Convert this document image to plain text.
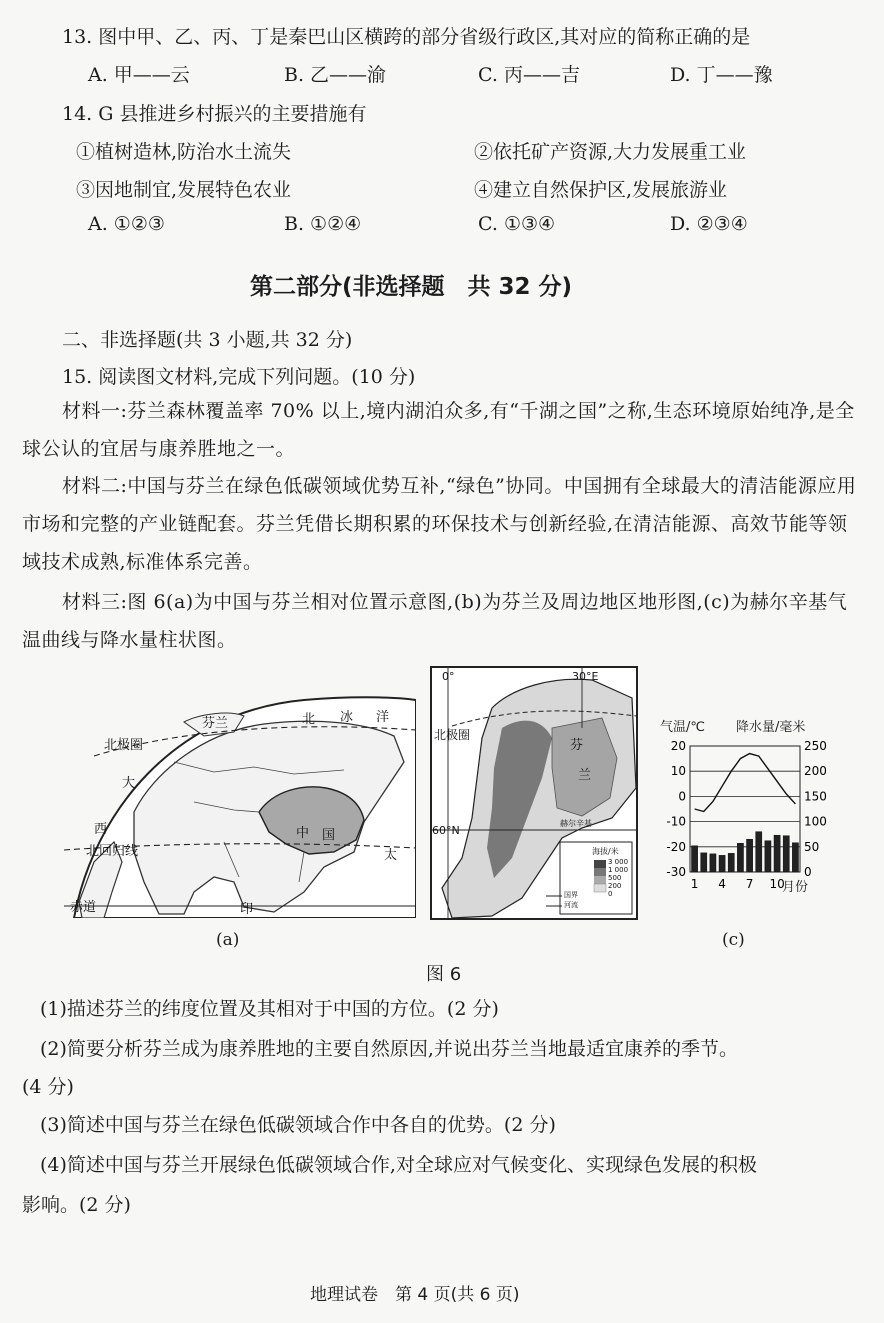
13. 图中甲、乙、丙、丁是秦巴山区横跨的部分省级行政区,其对应的简称正确的是
A. 甲——云	B. 乙——渝	C. 丙——吉	D. 丁——豫
14. G 县推进乡村振兴的主要措施有
①植树造林,防治水土流失	②依托矿产资源,大力发展重工业
③因地制宜,发展特色农业	④建立自然保护区,发展旅游业
A. ①②③	B. ①②④	C. ①③④	D. ②③④
第二部分(非选择题　共 32 分)
二、非选择题(共 3 小题,共 32 分)
15. 阅读图文材料,完成下列问题。(10 分)
材料一:芬兰森林覆盖率 70% 以上,境内湖泊众多,有“千湖之国”之称,生态环境原始纯净,是全球公认的宜居与康养胜地之一。
材料二:中国与芬兰在绿色低碳领域优势互补,“绿色”协同。中国拥有全球最大的清洁能源应用市场和完整的产业链配套。芬兰凭借长期积累的环保技术与创新经验,在清洁能源、高效节能等领域技术成熟,标准体系完善。
材料三:图 6(a)为中国与芬兰相对位置示意图,(b)为芬兰及周边地区地形图,(c)为赫尔辛基气温曲线与降水量柱状图。
芬兰	北 冰 洋
北极圈
大
西
北回归线
赤道
中 国
太
印
(a)
0°	30°E
北极圈
芬
兰
60°N
赫尔辛基
海拔/米
3 000
1 000
500
200
0
国界
河流
20
10
0
-10
-20
-30
250
200
150
100
50
0
1 4 7 10
气温/℃ 降水量/毫米
月份
(c)
图 6
(1)描述芬兰的纬度位置及其相对于中国的方位。(2 分)
(2)简要分析芬兰成为康养胜地的主要自然原因,并说出芬兰当地最适宜康养的季节。
(4 分)
(3)简述中国与芬兰在绿色低碳领域合作中各自的优势。(2 分)
(4)简述中国与芬兰开展绿色低碳领域合作,对全球应对气候变化、实现绿色发展的积极
影响。(2 分)
地理试卷　第 4 页(共 6 页)
